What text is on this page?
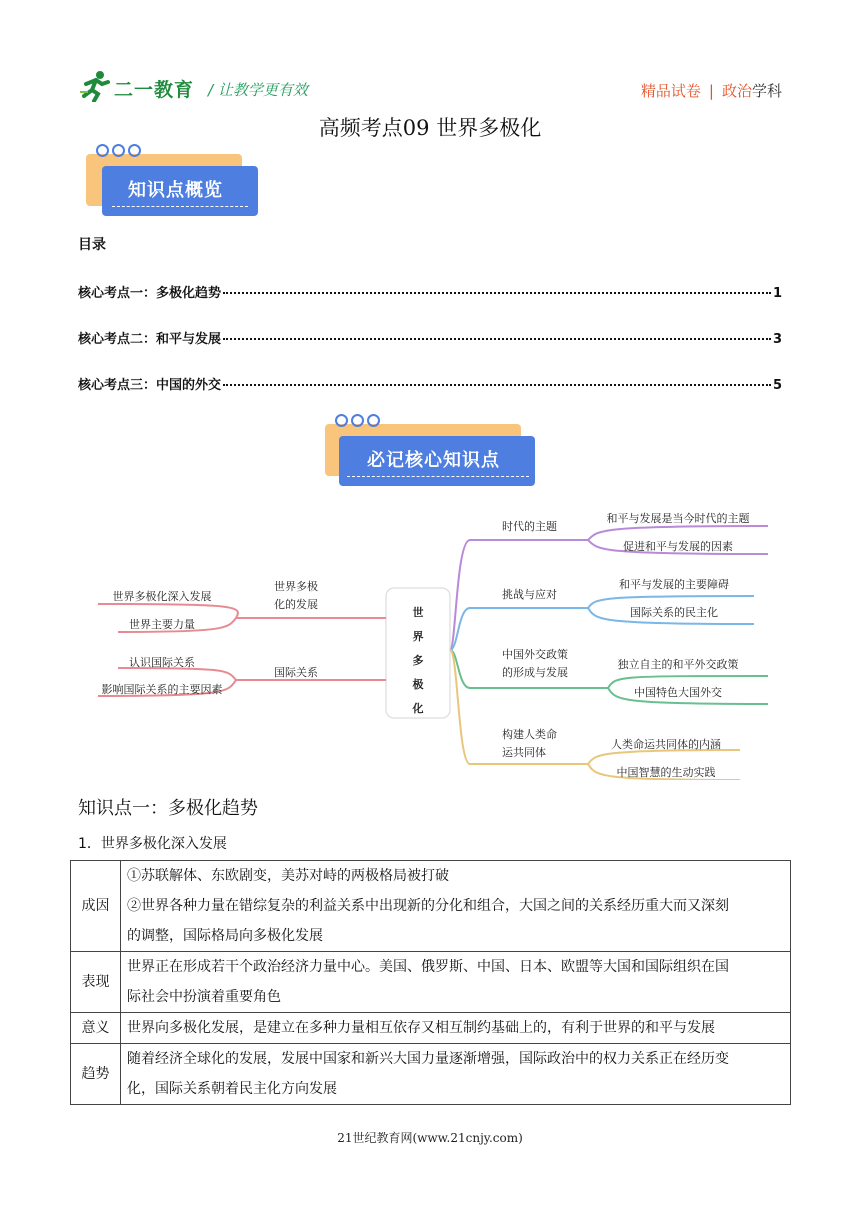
二一教育 / 让教学更有效	精品试卷 | 政治学科
高频考点09 世界多极化
知识点概览
目录
核心考点一：多极化趋势	1
核心考点二：和平与发展	3
核心考点三：中国的外交	5
必记核心知识点
世
界
多
极
化
世界多极
化的发展
世界多极化深入发展
世界主要力量
国际关系
认识国际关系
影响国际关系的主要因素
时代的主题
和平与发展是当今时代的主题
促进和平与发展的因素
挑战与应对
和平与发展的主要障碍
国际关系的民主化
中国外交政策
的形成与发展
独立自主的和平外交政策
中国特色大国外交
构建人类命
运共同体
人类命运共同体的内涵
中国智慧的生动实践
知识点一：多极化趋势
1．世界多极化深入发展
成因	①苏联解体、东欧剧变，美苏对峙的两极格局被打破
②世界各种力量在错综复杂的利益关系中出现新的分化和组合，大国之间的关系经历重大而又深刻
的调整，国际格局向多极化发展

表现	世界正在形成若干个政治经济力量中心。美国、俄罗斯、中国、日本、欧盟等大国和国际组织在国
际社会中扮演着重要角色

意义	世界向多极化发展，是建立在多种力量相互依存又相互制约基础上的，有利于世界的和平与发展

趋势	随着经济全球化的发展，发展中国家和新兴大国力量逐渐增强，国际政治中的权力关系正在经历变
化，国际关系朝着民主化方向发展
21世纪教育网(www.21cnjy.com)
